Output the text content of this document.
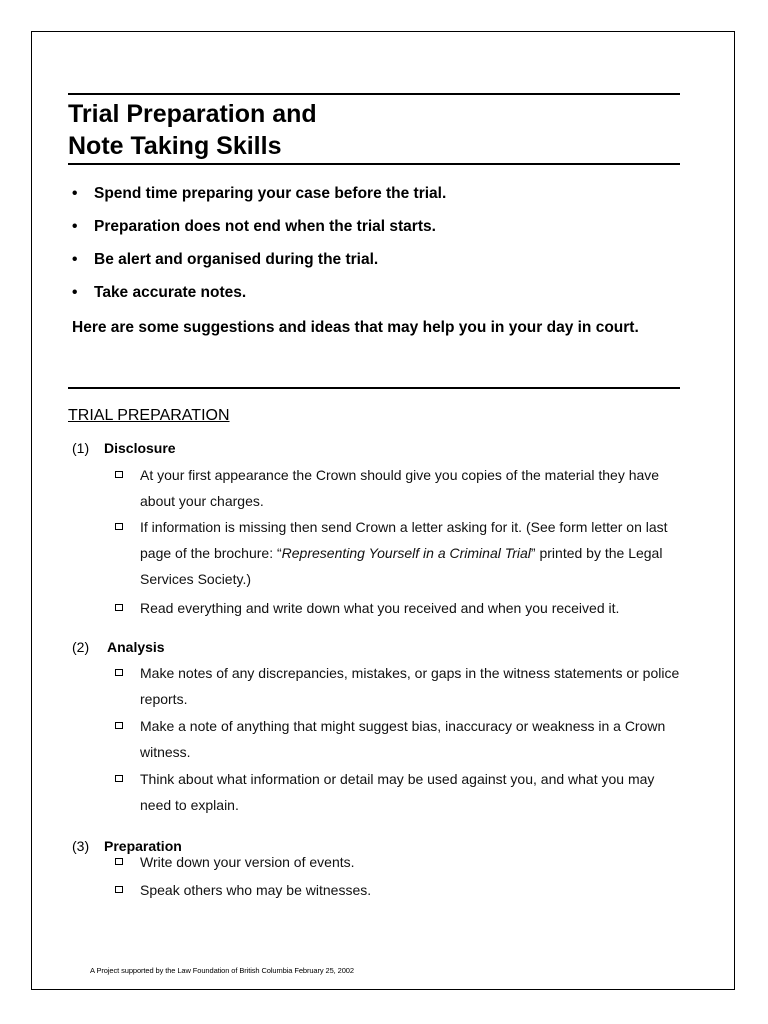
Trial Preparation and
Note Taking Skills
• Spend time preparing your case before the trial.
• Preparation does not end when the trial starts.
• Be alert and organised during the trial.
• Take accurate notes.
Here are some suggestions and ideas that may help you in your day in court.
TRIAL PREPARATION
(1) Disclosure
At your first appearance the Crown should give you copies of the material they have about your charges.
If information is missing then send Crown a letter asking for it. (See form letter on last page of the brochure: “Representing Yourself in a Criminal Trial” printed by the Legal Services Society.)
Read everything and write down what you received and when you received it.
(2) Analysis
Make notes of any discrepancies, mistakes, or gaps in the witness statements or police reports.
Make a note of anything that might suggest bias, inaccuracy or weakness in a Crown witness.
Think about what information or detail may be used against you, and what you may need to explain.
(3) Preparation
Write down your version of events.
Speak others who may be witnesses.
A Project supported by the Law Foundation of British Columbia February 25, 2002
